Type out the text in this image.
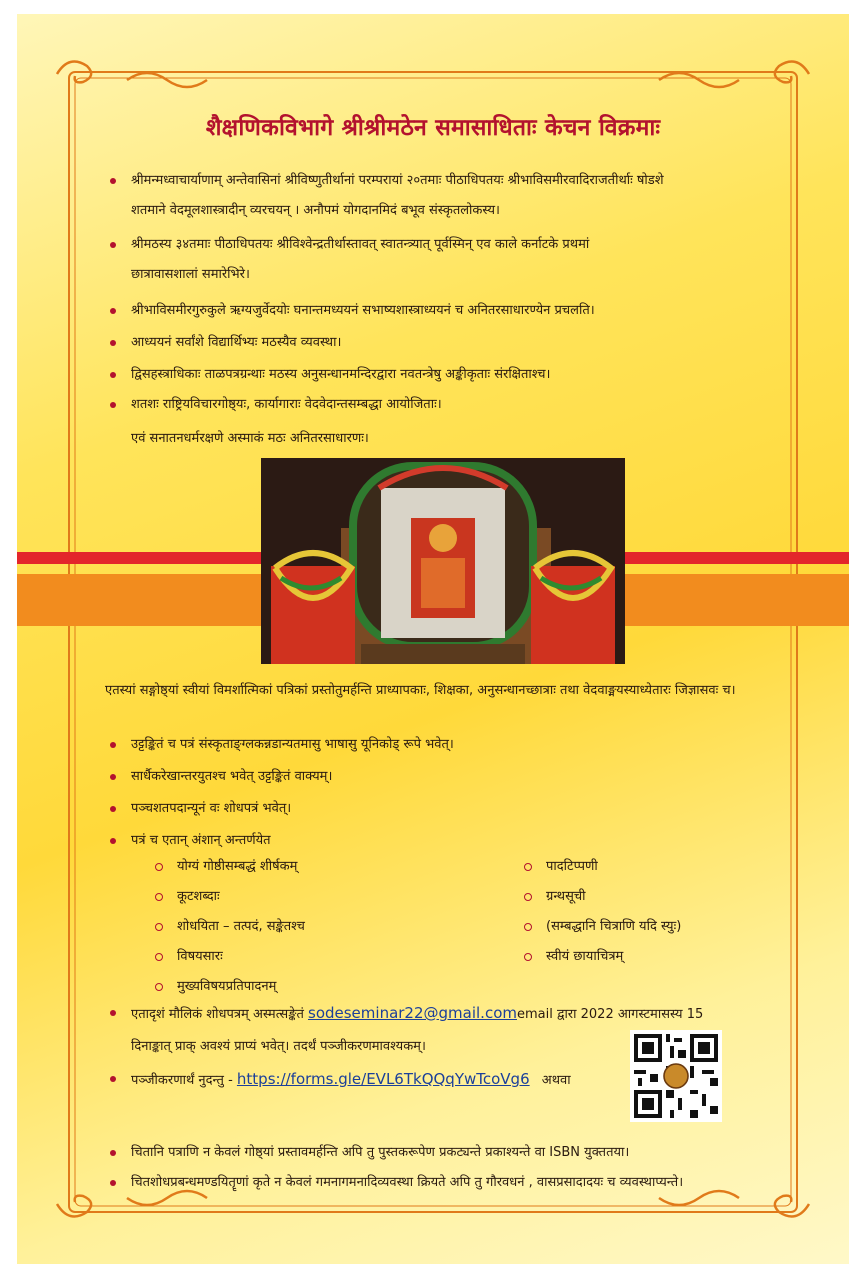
शैक्षणिकविभागे श्रीश्रीमठेन समासाधिताः केचन विक्रमाः
श्रीमन्मध्वाचार्याणाम् अन्तेवासिनां श्रीविष्णुतीर्थानां परम्परायां २०तमाः पीठाधिपतयः श्रीभाविसमीरवादिराजतीर्थाः षोडशे
शतमाने वेदमूलशास्त्रादीन् व्यरचयन् । अनौपमं योगदानमिदं बभूव संस्कृतलोकस्य।
श्रीमठस्य ३४तमाः पीठाधिपतयः श्रीविश्वेन्द्रतीर्थास्तावत् स्वातन्त्र्यात् पूर्वस्मिन् एव काले कर्नाटके प्रथमां
छात्रावासशालां समारेभिरे।
श्रीभाविसमीरगुरुकुले ऋग्यजुर्वेदयोः घनान्तमध्ययनं सभाष्यशास्त्राध्ययनं च अनितरसाधारण्येन प्रचलति।
आध्ययनं सर्वांशे विद्यार्थिभ्यः मठस्यैव व्यवस्था।
द्विसहस्त्राधिकाः ताळपत्रग्रन्थाः मठस्य अनुसन्धानमन्दिरद्वारा नवतन्त्रेषु अङ्कीकृताः संरक्षिताश्च।
शतशः राष्ट्रियविचारगोष्ठ्यः, कार्यागाराः वेदवेदान्तसम्बद्धा आयोजिताः।
एवं सनातनधर्मरक्षणे अस्माकं मठः अनितरसाधारणः।
एतस्यां सङ्गोष्ठ्यां स्वीयां विमर्शात्मिकां पत्रिकां प्रस्तोतुमर्हन्ति प्राध्यापकाः, शिक्षका, अनुसन्धानच्छात्राः तथा वेदवाङ्मयस्याध्येतारः जिज्ञासवः च।
उट्टङ्कितं च पत्रं संस्कृताङ्ग्लकन्नडान्यतमासु भाषासु यूनिकोड् रूपे भवेत्।
सार्धैकरेखान्तरयुतश्च भवेत् उट्टङ्कितं वाक्यम्।
पञ्चशतपदान्यूनं वः शोधपत्रं भवेत्।
पत्रं च एतान् अंशान् अन्तर्णयेत
योग्यं गोष्ठीसम्बद्धं शीर्षकम्
कूटशब्दाः
शोधयिता – तत्पदं, सङ्केतश्च
विषयसारः
मुख्यविषयप्रतिपादनम्
पादटिप्पणी
ग्रन्थसूची
(सम्बद्धानि चित्राणि यदि स्युः)
स्वीयं छायाचित्रम्
एतादृशं मौलिकं शोधपत्रम् अस्मत्सङ्केतं sodeseminar22@gmail.comemail द्वारा 2022 आगस्टमासस्य 15
दिनाङ्कात् प्राक् अवश्यं प्राप्यं भवेत्। तदर्थं पञ्जीकरणमावश्यकम्।
पञ्जीकरणार्थं नुदन्तु - https://forms.gle/EVL6TkQQqYwTcoVg6 अथवा
चितानि पत्राणि न केवलं गोष्ठ्यां प्रस्तावमर्हन्ति अपि तु पुस्तकरूपेण प्रकट्यन्ते प्रकाश्यन्ते वा ISBN युक्ततया।
चितशोधप्रबन्धमण्डयितॄणां कृते न केवलं गमनागमनादिव्यवस्था क्रियते अपि तु गौरवधनं , वासप्रसादादयः च व्यवस्थाप्यन्ते।
